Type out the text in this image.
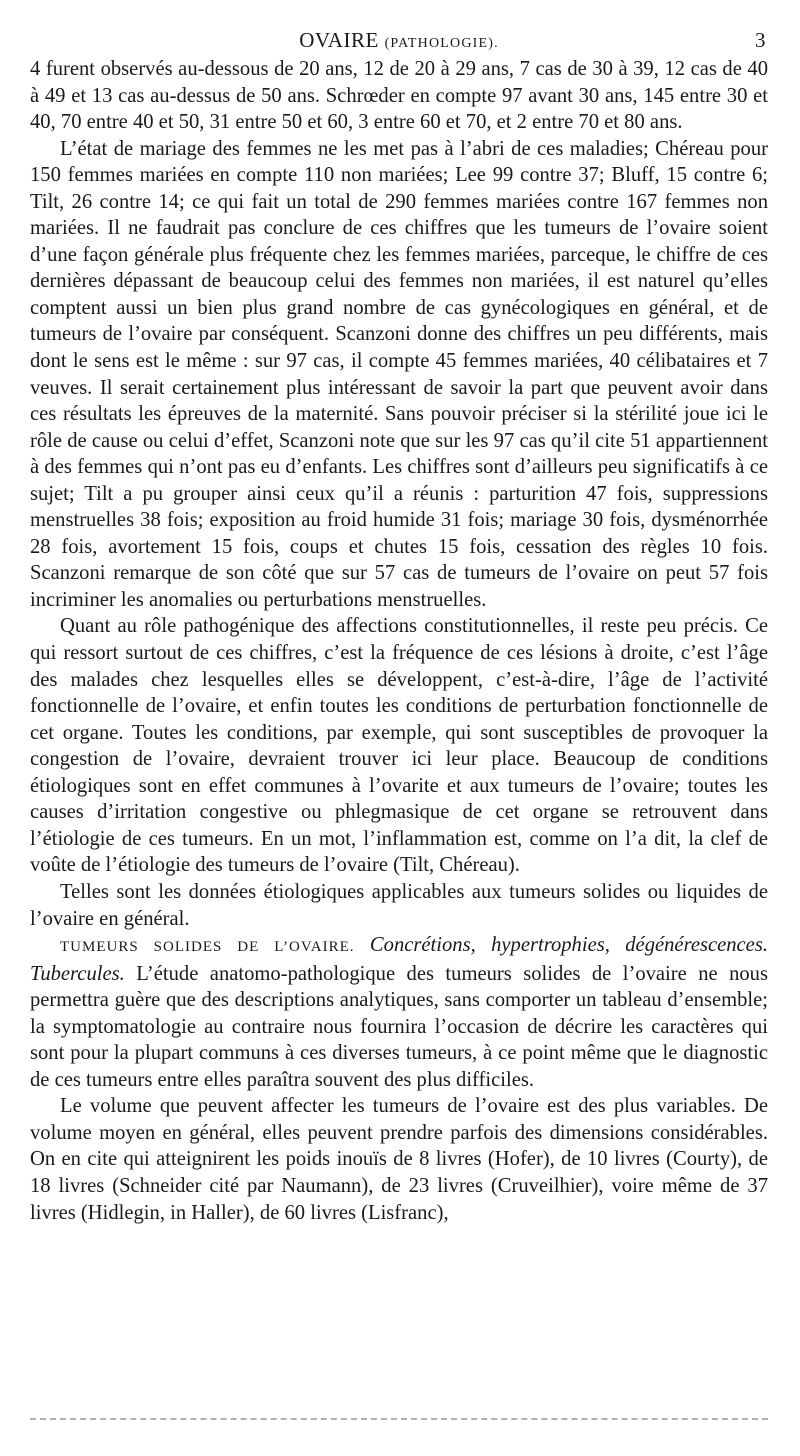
OVAIRE (PATHOLOGIE).	3

4 furent observés au-dessous de 20 ans, 12 de 20 à 29 ans, 7 cas de 30 à 39, 12 cas de 40 à 49 et 13 cas au-dessus de 50 ans. Schrœder en compte 97 avant 30 ans, 145 entre 30 et 40, 70 entre 40 et 50, 31 entre 50 et 60, 3 entre 60 et 70, et 2 entre 70 et 80 ans.

L’état de mariage des femmes ne les met pas à l’abri de ces maladies; Chéreau pour 150 femmes mariées en compte 110 non mariées; Lee 99 contre 37; Bluff, 15 contre 6; Tilt, 26 contre 14; ce qui fait un total de 290 femmes mariées contre 167 femmes non mariées. Il ne faudrait pas conclure de ces chiffres que les tumeurs de l’ovaire soient d’une façon générale plus fréquente chez les femmes mariées, parceque, le chiffre de ces dernières dépassant de beaucoup celui des femmes non mariées, il est naturel qu’elles comptent aussi un bien plus grand nombre de cas gynécologiques en général, et de tumeurs de l’ovaire par conséquent. Scanzoni donne des chiffres un peu différents, mais dont le sens est le même : sur 97 cas, il compte 45 femmes mariées, 40 célibataires et 7 veuves. Il serait certainement plus intéressant de savoir la part que peuvent avoir dans ces résultats les épreuves de la maternité. Sans pouvoir préciser si la stérilité joue ici le rôle de cause ou celui d’effet, Scanzoni note que sur les 97 cas qu’il cite 51 appartiennent à des femmes qui n’ont pas eu d’enfants. Les chiffres sont d’ailleurs peu significatifs à ce sujet; Tilt a pu grouper ainsi ceux qu’il a réunis : parturition 47 fois, suppressions menstruelles 38 fois; exposition au froid humide 31 fois; mariage 30 fois, dysménorrhée 28 fois, avortement 15 fois, coups et chutes 15 fois, cessation des règles 10 fois. Scanzoni remarque de son côté que sur 57 cas de tumeurs de l’ovaire on peut 57 fois incriminer les anomalies ou perturbations menstruelles.

Quant au rôle pathogénique des affections constitutionnelles, il reste peu précis. Ce qui ressort surtout de ces chiffres, c’est la fréquence de ces lésions à droite, c’est l’âge des malades chez lesquelles elles se développent, c’est-à-dire, l’âge de l’activité fonctionnelle de l’ovaire, et enfin toutes les conditions de perturbation fonctionnelle de cet organe. Toutes les conditions, par exemple, qui sont susceptibles de provoquer la congestion de l’ovaire, devraient trouver ici leur place. Beaucoup de conditions étiologiques sont en effet communes à l’ovarite et aux tumeurs de l’ovaire; toutes les causes d’irritation congestive ou phlegmasique de cet organe se retrouvent dans l’étiologie de ces tumeurs. En un mot, l’inflammation est, comme on l’a dit, la clef de voûte de l’étiologie des tumeurs de l’ovaire (Tilt, Chéreau).

Telles sont les données étiologiques applicables aux tumeurs solides ou liquides de l’ovaire en général.

TUMEURS SOLIDES DE L’OVAIRE. Concrétions, hypertrophies, dégénérescences. Tubercules. L’étude anatomo-pathologique des tumeurs solides de l’ovaire ne nous permettra guère que des descriptions analytiques, sans comporter un tableau d’ensemble; la symptomatologie au contraire nous fournira l’occasion de décrire les caractères qui sont pour la plupart communs à ces diverses tumeurs, à ce point même que le diagnostic de ces tumeurs entre elles paraîtra souvent des plus difficiles.

Le volume que peuvent affecter les tumeurs de l’ovaire est des plus variables. De volume moyen en général, elles peuvent prendre parfois des dimensions considérables. On en cite qui atteignirent les poids inouïs de 8 livres (Hofer), de 10 livres (Courty), de 18 livres (Schneider cité par Naumann), de 23 livres (Cruveilhier), voire même de 37 livres (Hidlegin, in Haller), de 60 livres (Lisfranc),
